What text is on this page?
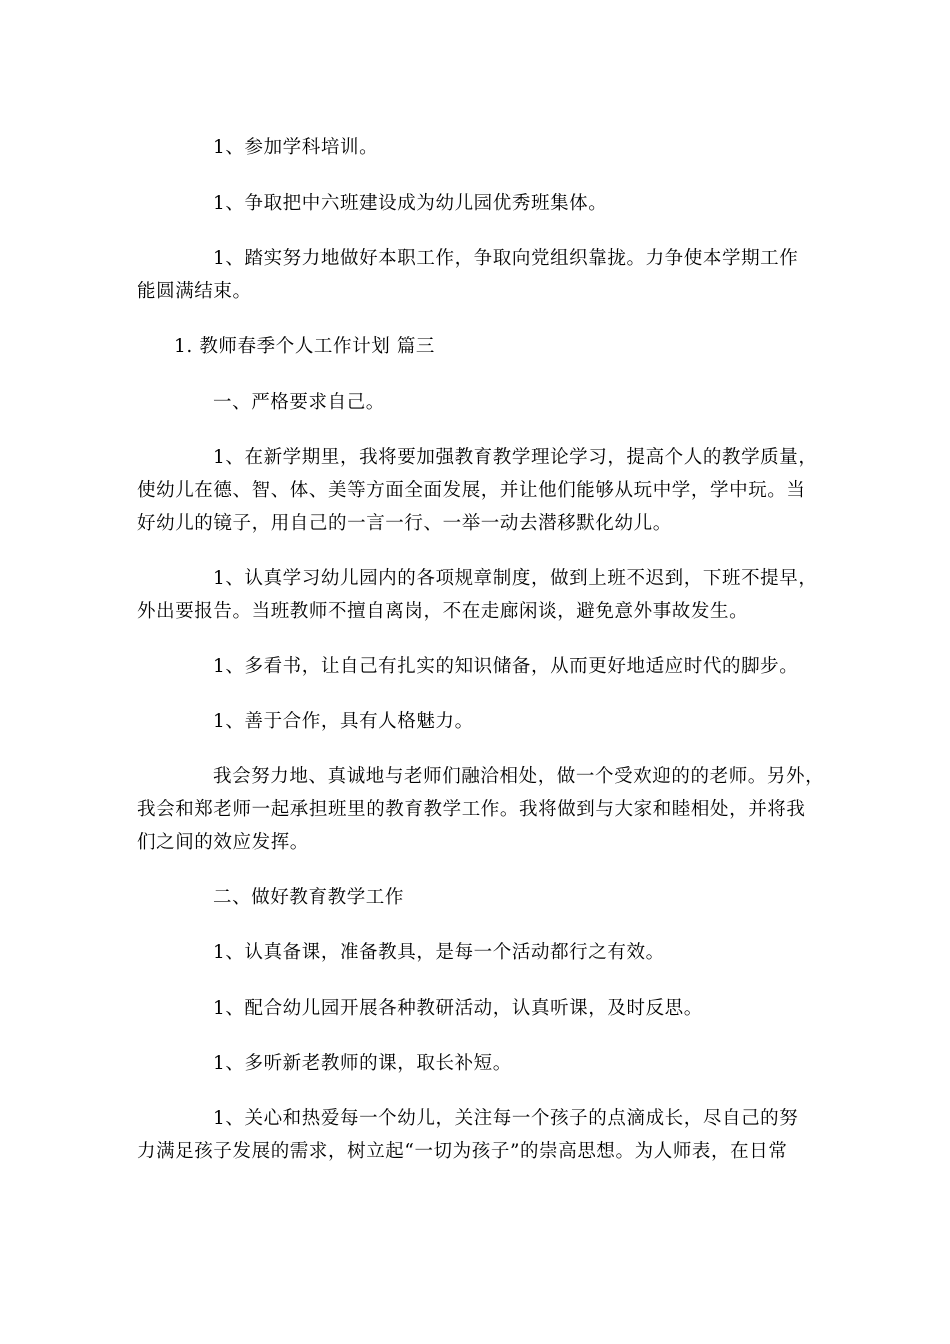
1、参加学科培训。

1、争取把中六班建设成为幼儿园优秀班集体。

1、踏实努力地做好本职工作，争取向党组织靠拢。力争使本学期工作
能圆满结束。

1. 教师春季个人工作计划 篇三

一、严格要求自己。

1、在新学期里，我将要加强教育教学理论学习，提高个人的教学质量，
使幼儿在德、智、体、美等方面全面发展，并让他们能够从玩中学，学中玩。当
好幼儿的镜子，用自己的一言一行、一举一动去潜移默化幼儿。

1、认真学习幼儿园内的各项规章制度，做到上班不迟到，下班不提早，
外出要报告。当班教师不擅自离岗，不在走廊闲谈，避免意外事故发生。

1、多看书，让自己有扎实的知识储备，从而更好地适应时代的脚步。

1、善于合作，具有人格魅力。

我会努力地、真诚地与老师们融洽相处，做一个受欢迎的的老师。另外，
我会和郑老师一起承担班里的教育教学工作。我将做到与大家和睦相处，并将我
们之间的效应发挥。

二、做好教育教学工作

1、认真备课，准备教具，是每一个活动都行之有效。

1、配合幼儿园开展各种教研活动，认真听课，及时反思。

1、多听新老教师的课，取长补短。

1、关心和热爱每一个幼儿，关注每一个孩子的点滴成长，尽自己的努
力满足孩子发展的需求，树立起“一切为孩子”的崇高思想。为人师表，在日常
